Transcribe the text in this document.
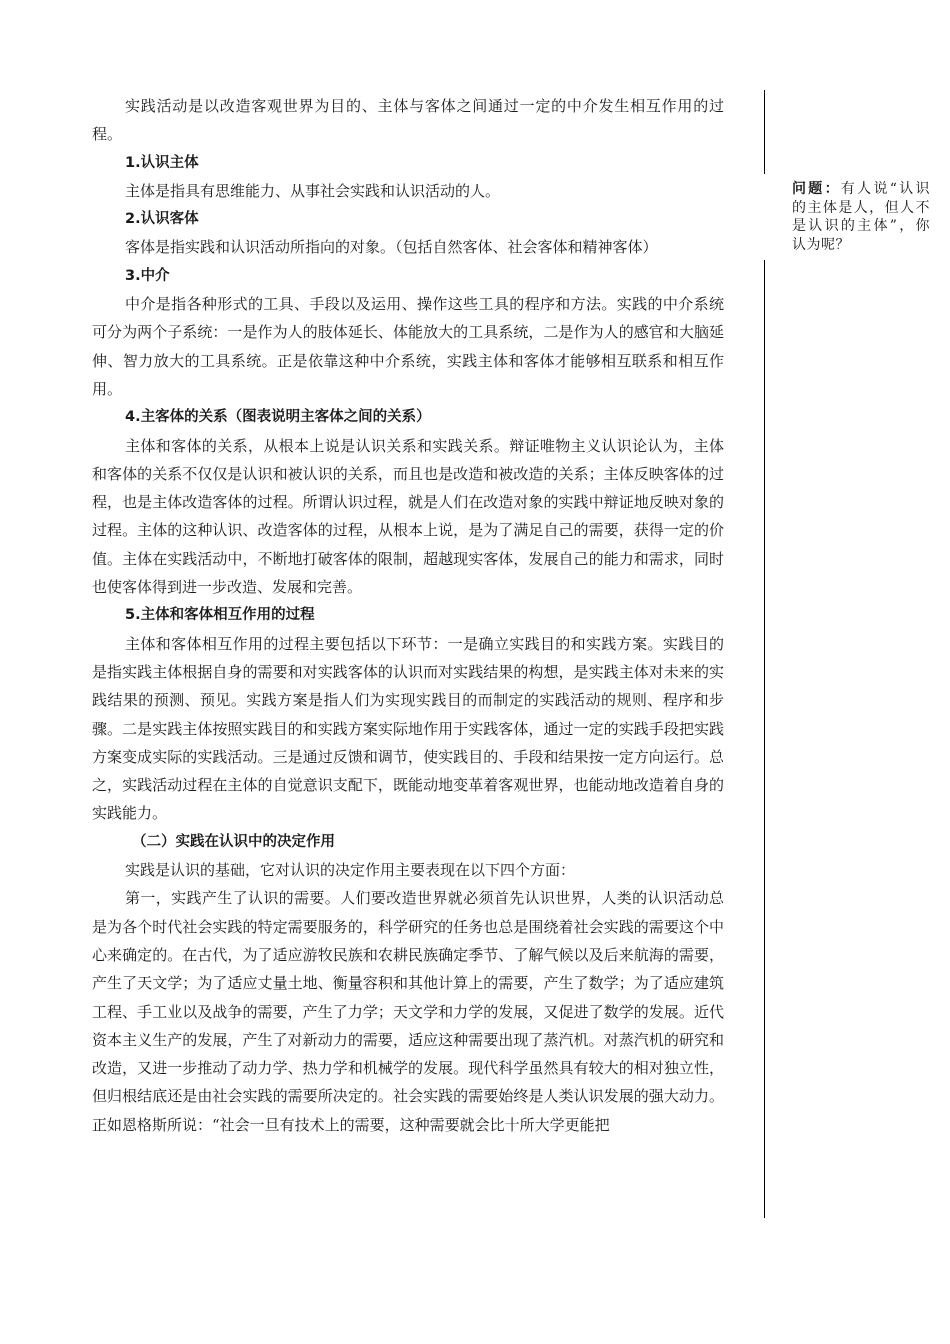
实践活动是以改造客观世界为目的、主体与客体之间通过一定的中介发生相互作用的过程。

1.认识主体

主体是指具有思维能力、从事社会实践和认识活动的人。

2.认识客体

客体是指实践和认识活动所指向的对象。（包括自然客体、社会客体和精神客体）

3.中介

中介是指各种形式的工具、手段以及运用、操作这些工具的程序和方法。实践的中介系统可分为两个子系统：一是作为人的肢体延长、体能放大的工具系统，二是作为人的感官和大脑延伸、智力放大的工具系统。正是依靠这种中介系统，实践主体和客体才能够相互联系和相互作用。

4.主客体的关系（图表说明主客体之间的关系）

主体和客体的关系，从根本上说是认识关系和实践关系。辩证唯物主义认识论认为，主体和客体的关系不仅仅是认识和被认识的关系，而且也是改造和被改造的关系；主体反映客体的过程，也是主体改造客体的过程。所谓认识过程，就是人们在改造对象的实践中辩证地反映对象的过程。主体的这种认识、改造客体的过程，从根本上说，是为了满足自己的需要，获得一定的价值。主体在实践活动中，不断地打破客体的限制，超越现实客体，发展自己的能力和需求，同时也使客体得到进一步改造、发展和完善。

5.主体和客体相互作用的过程

主体和客体相互作用的过程主要包括以下环节：一是确立实践目的和实践方案。实践目的是指实践主体根据自身的需要和对实践客体的认识而对实践结果的构想，是实践主体对未来的实践结果的预测、预见。实践方案是指人们为实现实践目的而制定的实践活动的规则、程序和步骤。二是实践主体按照实践目的和实践方案实际地作用于实践客体，通过一定的实践手段把实践方案变成实际的实践活动。三是通过反馈和调节，使实践目的、手段和结果按一定方向运行。总之，实践活动过程在主体的自觉意识支配下，既能动地变革着客观世界，也能动地改造着自身的实践能力。

（二）实践在认识中的决定作用

实践是认识的基础，它对认识的决定作用主要表现在以下四个方面：

第一，实践产生了认识的需要。人们要改造世界就必须首先认识世界，人类的认识活动总是为各个时代社会实践的特定需要服务的，科学研究的任务也总是围绕着社会实践的需要这个中心来确定的。在古代，为了适应游牧民族和农耕民族确定季节、了解气候以及后来航海的需要，产生了天文学；为了适应丈量土地、衡量容积和其他计算上的需要，产生了数学；为了适应建筑工程、手工业以及战争的需要，产生了力学；天文学和力学的发展，又促进了数学的发展。近代资本主义生产的发展，产生了对新动力的需要，适应这种需要出现了蒸汽机。对蒸汽机的研究和改造，又进一步推动了动力学、热力学和机械学的发展。现代科学虽然具有较大的相对独立性，但归根结底还是由社会实践的需要所决定的。社会实践的需要始终是人类认识发展的强大动力。正如恩格斯所说：“社会一旦有技术上的需要，这种需要就会比十所大学更能把

问题：有人说“认识的主体是人，但人不是认识的主体”，你认为呢？
